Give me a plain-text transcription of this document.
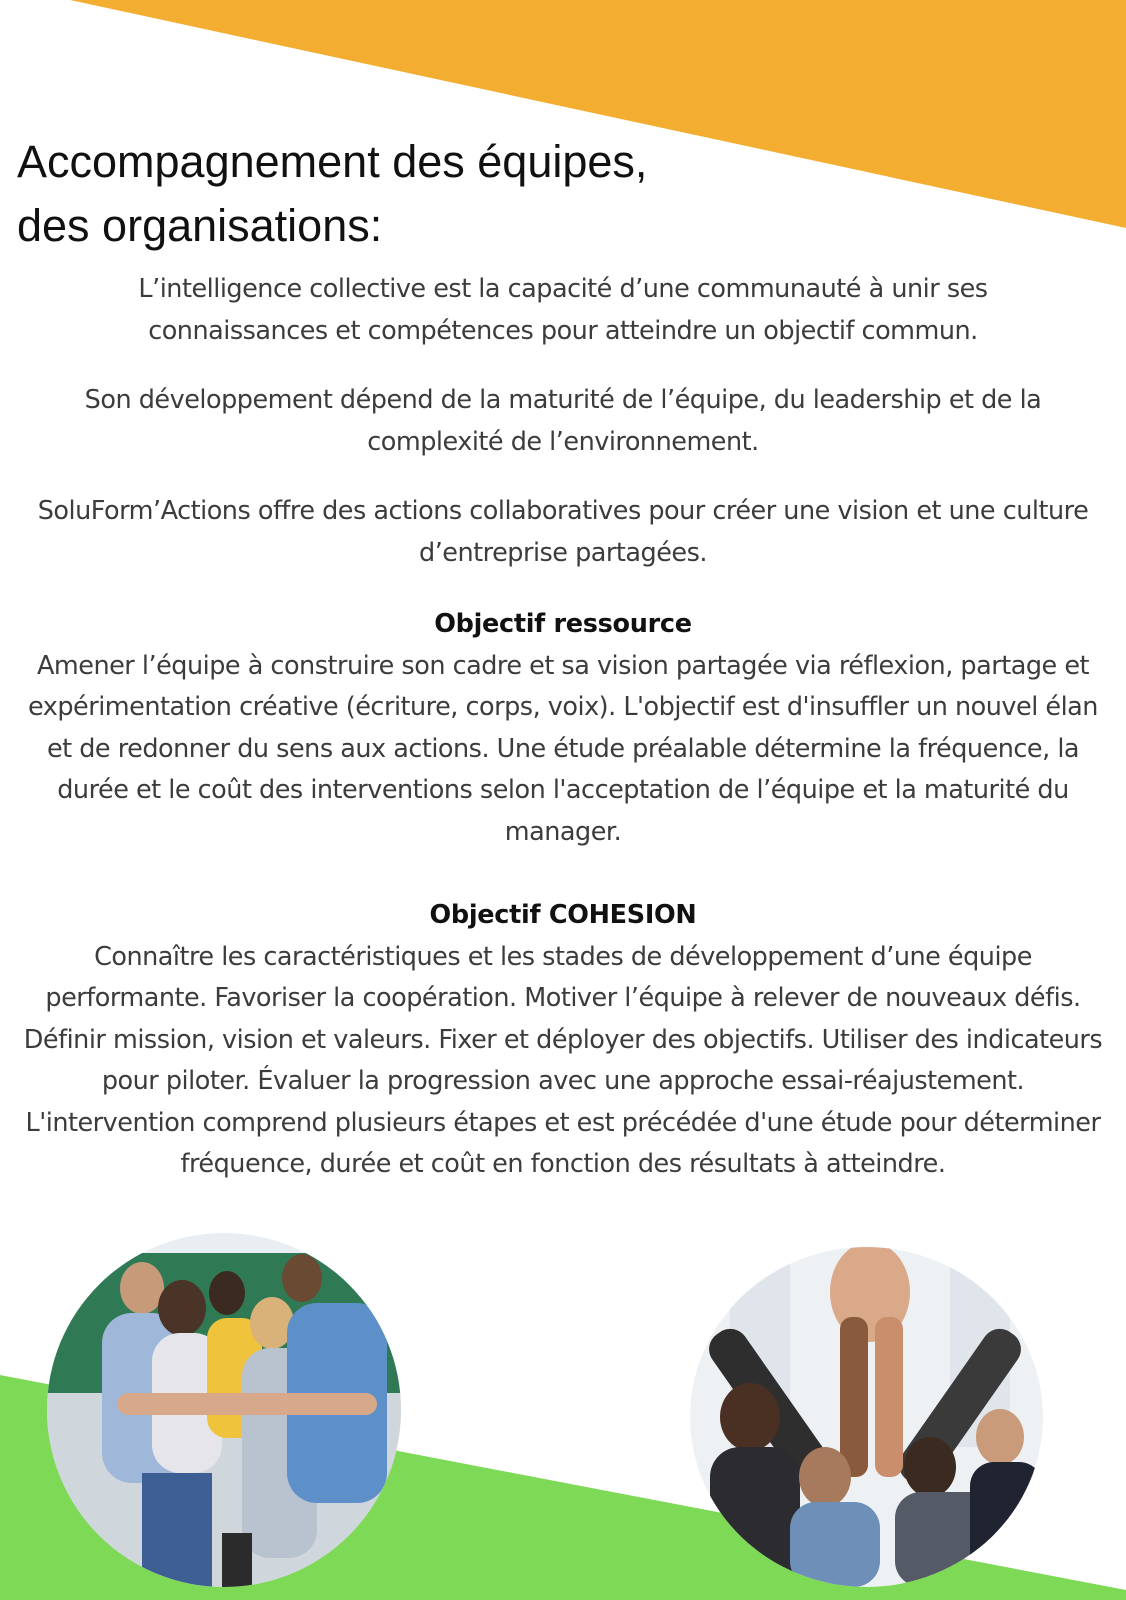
Accompagnement des équipes,
des organisations:

L’intelligence collective est la capacité d’une communauté à unir ses connaissances et compétences pour atteindre un objectif commun.

Son développement dépend de la maturité de l’équipe, du leadership et de la complexité de l’environnement.

SoluForm’Actions offre des actions collaboratives pour créer une vision et une culture d’entreprise partagées.

Objectif ressource

Amener l’équipe à construire son cadre et sa vision partagée via réflexion, partage et expérimentation créative (écriture, corps, voix). L'objectif est d'insuffler un nouvel élan et de redonner du sens aux actions. Une étude préalable détermine la fréquence, la durée et le coût des interventions selon l'acceptation de l’équipe et la maturité du manager.

Objectif COHESION

Connaître les caractéristiques et les stades de développement d’une équipe performante. Favoriser la coopération. Motiver l’équipe à relever de nouveaux défis. Définir mission, vision et valeurs. Fixer et déployer des objectifs. Utiliser des indicateurs pour piloter. Évaluer la progression avec une approche essai-réajustement. L'intervention comprend plusieurs étapes et est précédée d'une étude pour déterminer fréquence, durée et coût en fonction des résultats à atteindre.
